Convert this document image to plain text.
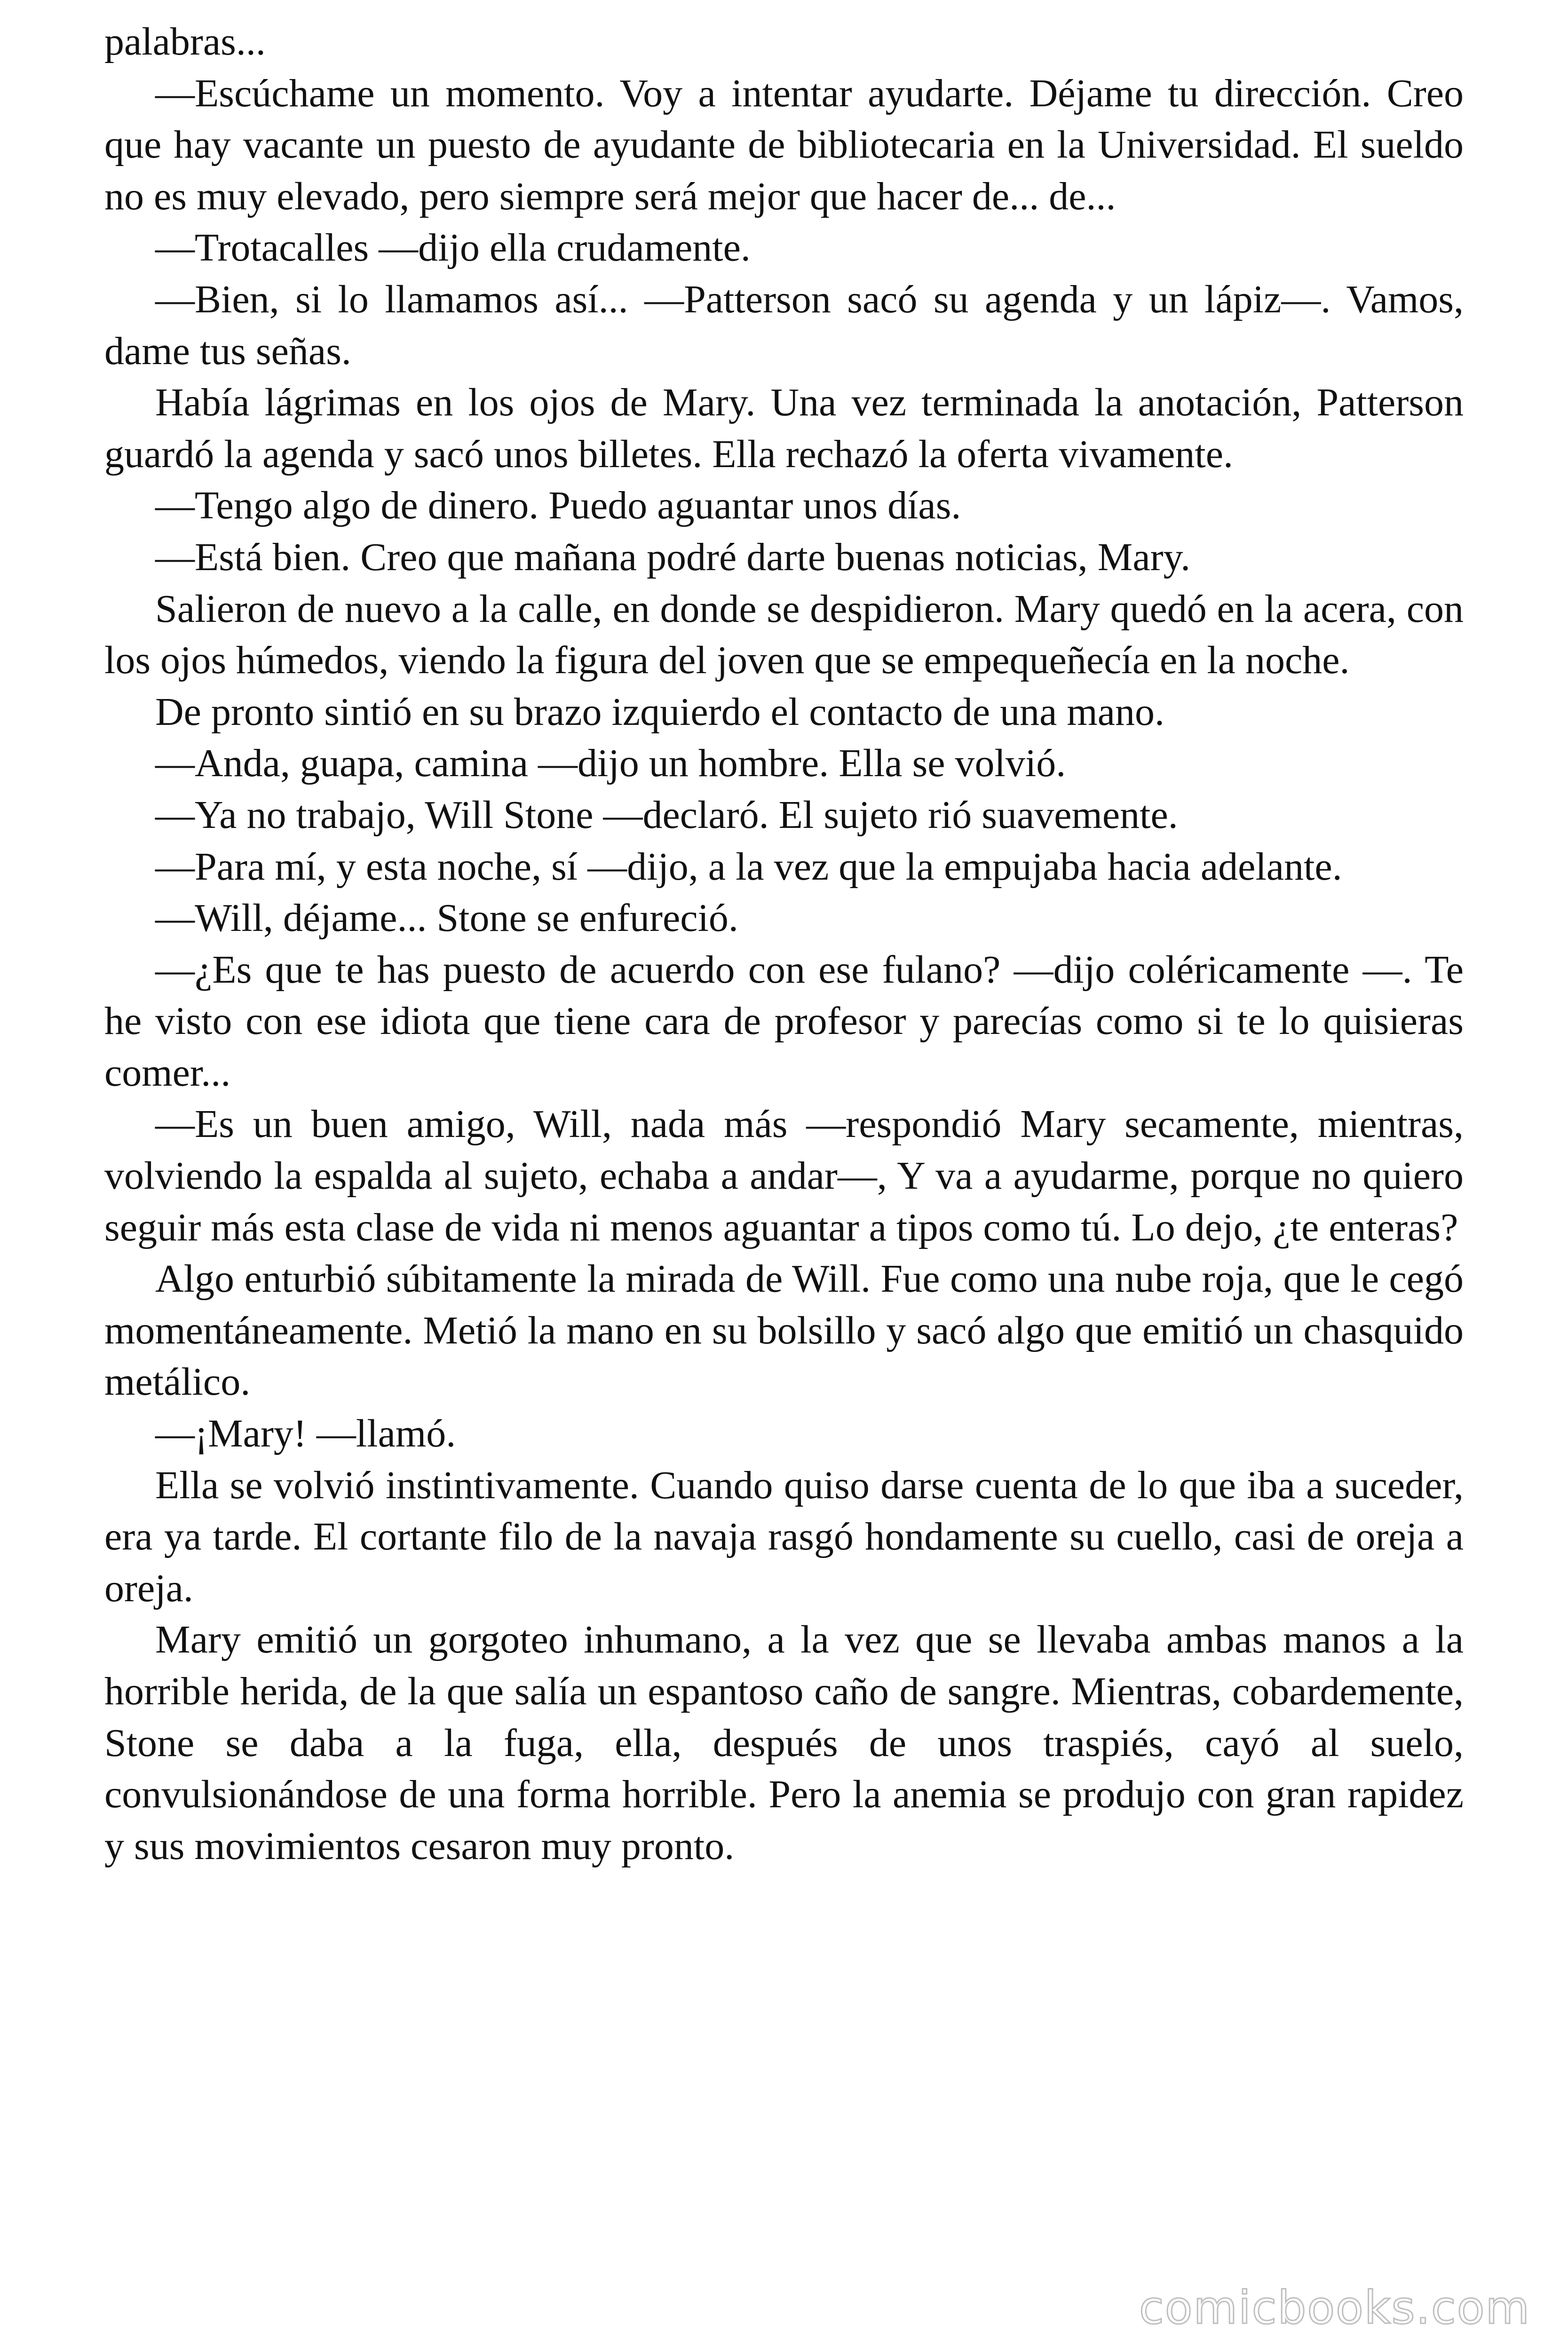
palabras...

—Escúchame un momento. Voy a intentar ayudarte. Déjame tu dirección. Creo que hay vacante un puesto de ayudante de bibliotecaria en la Universidad. El sueldo no es muy elevado, pero siempre será mejor que hacer de... de...

—Trotacalles —dijo ella crudamente.

—Bien, si lo llamamos así... —Patterson sacó su agenda y un lápiz—. Vamos, dame tus señas.

Había lágrimas en los ojos de Mary. Una vez terminada la anotación, Patterson guardó la agenda y sacó unos billetes. Ella rechazó la oferta vivamente.

—Tengo algo de dinero. Puedo aguantar unos días.

—Está bien. Creo que mañana podré darte buenas noticias, Mary.

Salieron de nuevo a la calle, en donde se despidieron. Mary quedó en la acera, con los ojos húmedos, viendo la figura del joven que se empequeñecía en la noche.

De pronto sintió en su brazo izquierdo el contacto de una mano.

—Anda, guapa, camina —dijo un hombre. Ella se volvió.

—Ya no trabajo, Will Stone —declaró. El sujeto rió suavemente.

—Para mí, y esta noche, sí —dijo, a la vez que la empujaba hacia adelante.

—Will, déjame... Stone se enfureció.

—¿Es que te has puesto de acuerdo con ese fulano? —dijo coléricamente —. Te he visto con ese idiota que tiene cara de profesor y parecías como si te lo quisieras comer...

—Es un buen amigo, Will, nada más —respondió Mary secamente, mientras, volviendo la espalda al sujeto, echaba a andar—, Y va a ayudarme, porque no quiero seguir más esta clase de vida ni menos aguantar a tipos como tú. Lo dejo, ¿te enteras?

Algo enturbió súbitamente la mirada de Will. Fue como una nube roja, que le cegó momentáneamente. Metió la mano en su bolsillo y sacó algo que emitió un chasquido metálico.

—¡Mary! —llamó.

Ella se volvió instintivamente. Cuando quiso darse cuenta de lo que iba a suceder, era ya tarde. El cortante filo de la navaja rasgó hondamente su cuello, casi de oreja a oreja.

Mary emitió un gorgoteo inhumano, a la vez que se llevaba ambas manos a la horrible herida, de la que salía un espantoso caño de sangre. Mientras, cobardemente, Stone se daba a la fuga, ella, después de unos traspiés, cayó al suelo, convulsionándose de una forma horrible. Pero la anemia se produjo con gran rapidez y sus movimientos cesaron muy pronto.

comicbooks.com
